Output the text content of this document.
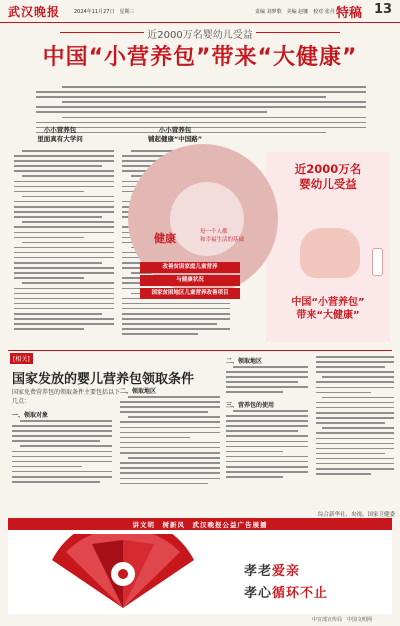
武汉晚报	2024年11月27日　星期三	责编 刘梦歌　美编 赵娜　校对 张丹 特稿 13
近2000万名婴幼儿受益
中国“小营养包”带来“大健康”
小小营养包
里面真有大学问
小小营养包
铺起健康“中国路”
近2000万名
婴幼儿受益
健康	每一个人都
和幸福生活的基础
改善贫困家庭儿童营养
与健康状况
国家贫困地区儿童营养改善项目
中国“小营养包”
带来“大健康”
[相关]
国家发放的婴儿营养包领取条件
国家免费营养包的领取条件主要包括以下几点：
一、领取对象
二、领取地区
二、领取地区
三、营养包的使用
综合新华社、央视、国家卫健委
讲文明　树新风　武汉晚报公益广告展播
孝老爱亲
孝心循环不止
中宣部宣传局　中国文明网
